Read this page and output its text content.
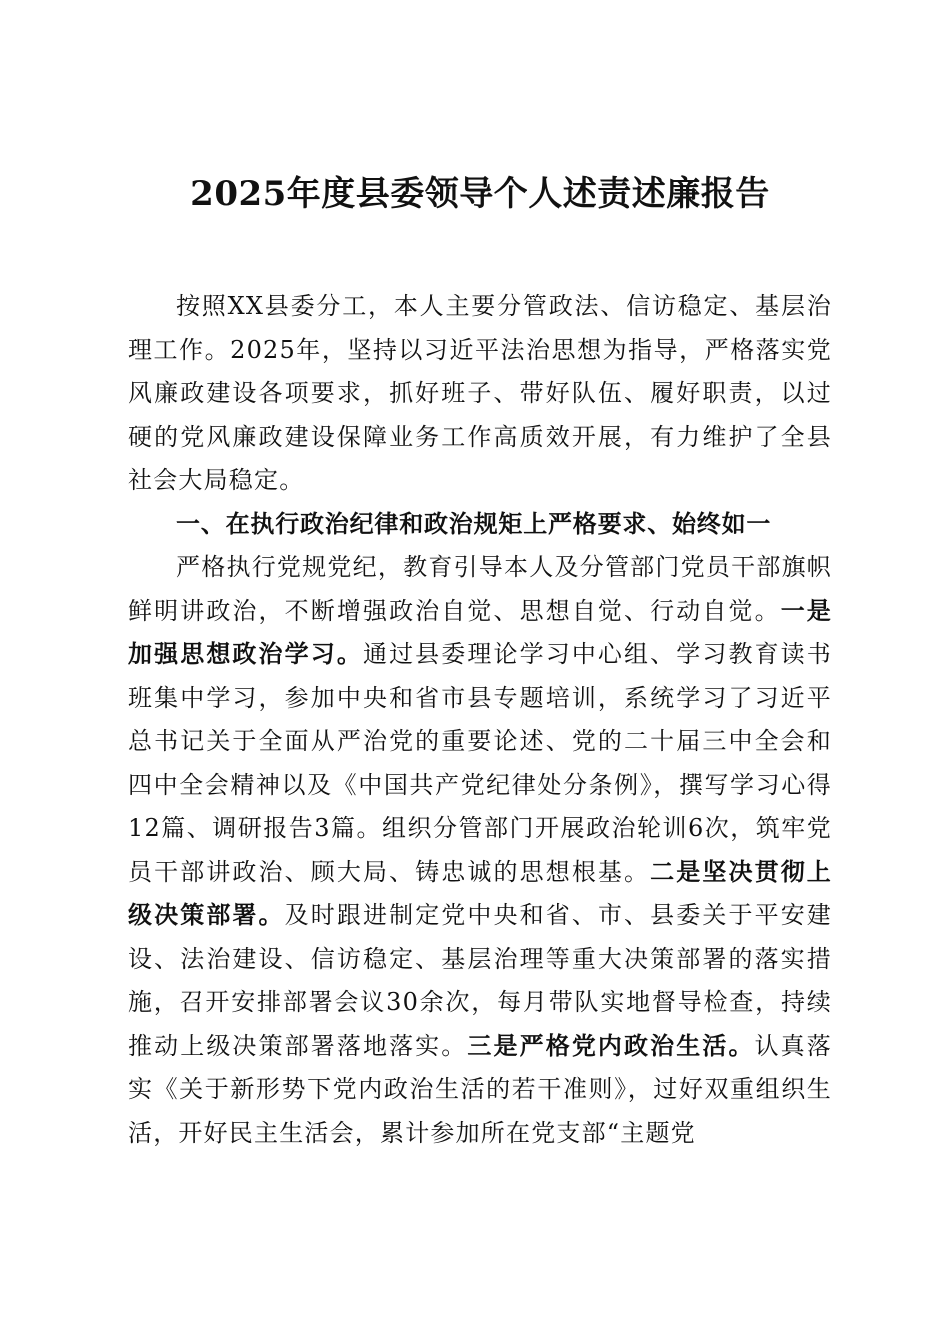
2025年度县委领导个人述责述廉报告

按照XX县委分工，本人主要分管政法、信访稳定、基层治理工作。2025年，坚持以习近平法治思想为指导，严格落实党风廉政建设各项要求，抓好班子、带好队伍、履好职责，以过硬的党风廉政建设保障业务工作高质效开展，有力维护了全县社会大局稳定。

一、在执行政治纪律和政治规矩上严格要求、始终如一

严格执行党规党纪，教育引导本人及分管部门党员干部旗帜鲜明讲政治，不断增强政治自觉、思想自觉、行动自觉。一是加强思想政治学习。通过县委理论学习中心组、学习教育读书班集中学习，参加中央和省市县专题培训，系统学习了习近平总书记关于全面从严治党的重要论述、党的二十届三中全会和四中全会精神以及《中国共产党纪律处分条例》，撰写学习心得12篇、调研报告3篇。组织分管部门开展政治轮训6次，筑牢党员干部讲政治、顾大局、铸忠诚的思想根基。二是坚决贯彻上级决策部署。及时跟进制定党中央和省、市、县委关于平安建设、法治建设、信访稳定、基层治理等重大决策部署的落实措施，召开安排部署会议30余次，每月带队实地督导检查，持续推动上级决策部署落地落实。三是严格党内政治生活。认真落实《关于新形势下党内政治生活的若干准则》，过好双重组织生活，开好民主生活会，累计参加所在党支部“主题党
